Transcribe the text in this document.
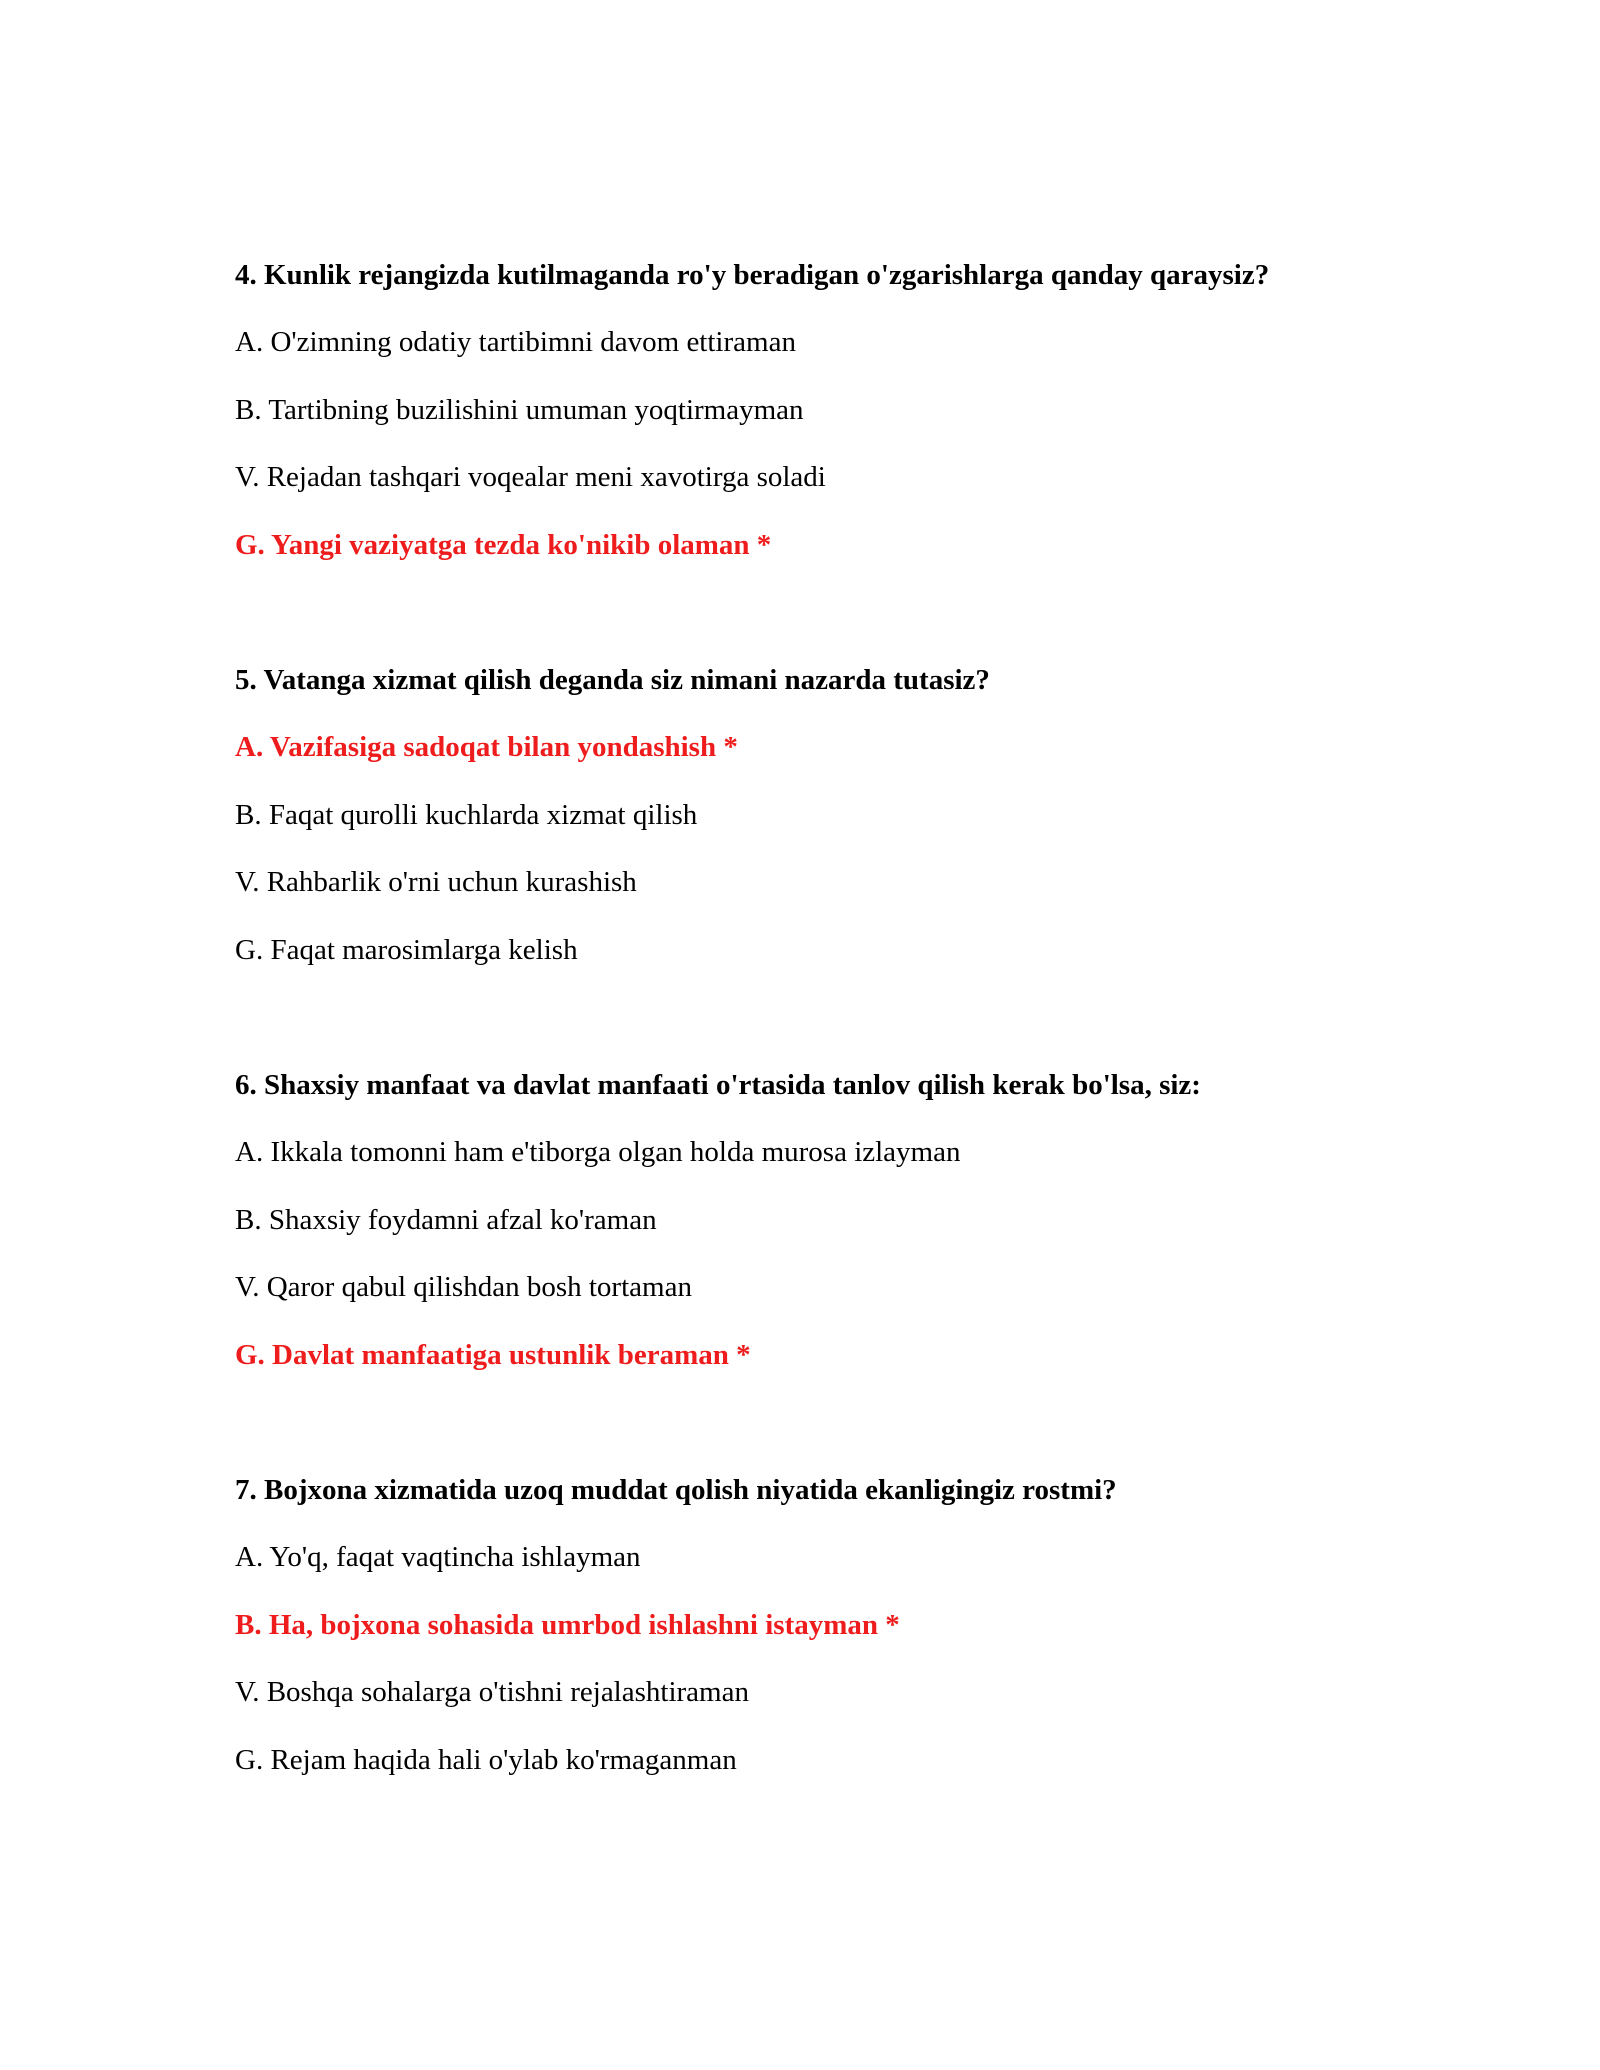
4. Kunlik rejangizda kutilmaganda ro'y beradigan o'zgarishlarga qanday qaraysiz?

A. O'zimning odatiy tartibimni davom ettiraman

B. Tartibning buzilishini umuman yoqtirmayman

V. Rejadan tashqari voqealar meni xavotirga soladi

G. Yangi vaziyatga tezda ko'nikib olaman *

5. Vatanga xizmat qilish deganda siz nimani nazarda tutasiz?

A. Vazifasiga sadoqat bilan yondashish *

B. Faqat qurolli kuchlarda xizmat qilish

V. Rahbarlik o'rni uchun kurashish

G. Faqat marosimlarga kelish

6. Shaxsiy manfaat va davlat manfaati o'rtasida tanlov qilish kerak bo'lsa, siz:

A. Ikkala tomonni ham e'tiborga olgan holda murosa izlayman

B. Shaxsiy foydamni afzal ko'raman

V. Qaror qabul qilishdan bosh tortaman

G. Davlat manfaatiga ustunlik beraman *

7. Bojxona xizmatida uzoq muddat qolish niyatida ekanligingiz rostmi?

A. Yo'q, faqat vaqtincha ishlayman

B. Ha, bojxona sohasida umrbod ishlashni istayman *

V. Boshqa sohalarga o'tishni rejalashtiraman

G. Rejam haqida hali o'ylab ko'rmaganman
